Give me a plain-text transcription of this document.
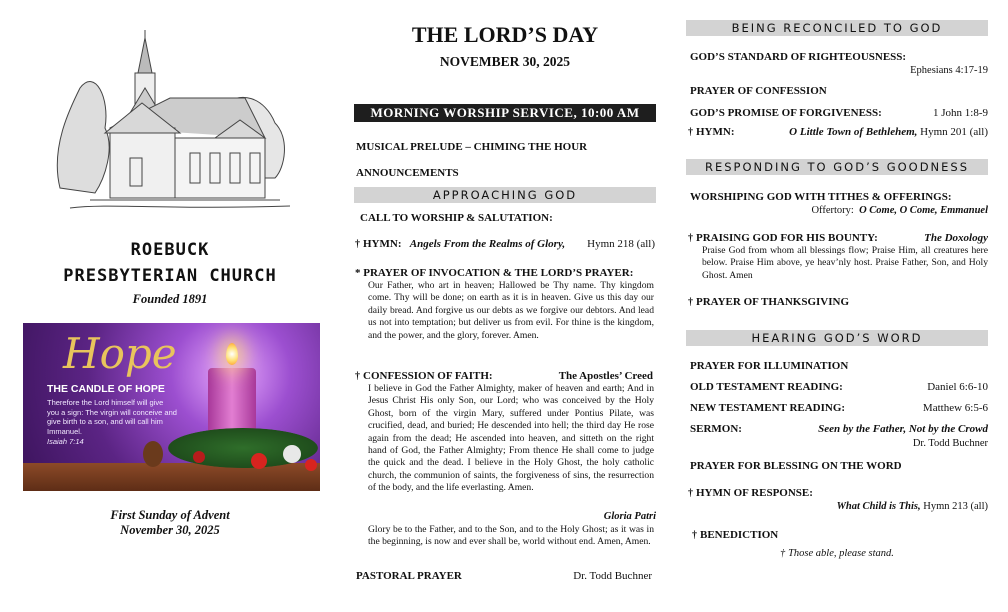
ROEBUCK
PRESBYTERIAN CHURCH
Founded 1891
Hope
THE CANDLE OF HOPE
Therefore the Lord himself will give you a sign: The virgin will conceive and give birth to a son, and will call him Immanuel.
Isaiah 7:14
First Sunday of Advent
November 30, 2025
THE LORD’S DAY
NOVEMBER 30, 2025
MORNING WORSHIP SERVICE, 10:00 AM
MUSICAL PRELUDE – CHIMING THE HOUR
ANNOUNCEMENTS
APPROACHING GOD
CALL TO WORSHIP & SALUTATION:
† HYMN: Angels From the Realms of Glory, Hymn 218 (all)
* PRAYER OF INVOCATION & THE LORD’S PRAYER:
Our Father, who art in heaven; Hallowed be Thy name. Thy kingdom come. Thy will be done; on earth as it is in heaven. Give us this day our daily bread. And forgive us our debts as we forgive our debtors. And lead us not into temptation; but deliver us from evil. For thine is the kingdom, and the power, and the glory, forever. Amen.
† CONFESSION OF FAITH:	The Apostles’ Creed
I believe in God the Father Almighty, maker of heaven and earth; And in Jesus Christ His only Son, our Lord; who was conceived by the Holy Ghost, born of the virgin Mary, suffered under Pontius Pilate, was crucified, dead, and buried; He descended into hell; the third day He rose again from the dead; He ascended into heaven, and sitteth on the right hand of God, the Father Almighty; From thence He shall come to judge the quick and the dead. I believe in the Holy Ghost, the holy catholic church, the communion of saints, the forgiveness of sins, the resurrection of the body, and the life everlasting. Amen.
Gloria Patri
Glory be to the Father, and to the Son, and to the Holy Ghost; as it was in the beginning, is now and ever shall be, world without end. Amen, Amen.
PASTORAL PRAYER	Dr. Todd Buchner
BEING RECONCILED TO GOD
GOD’S STANDARD OF RIGHTEOUSNESS:
Ephesians 4:17-19
PRAYER OF CONFESSION
GOD’S PROMISE OF FORGIVENESS:	1 John 1:8-9
† HYMN:	O Little Town of Bethlehem, Hymn 201 (all)
RESPONDING TO GOD’S GOODNESS
WORSHIPING GOD WITH TITHES & OFFERINGS:
Offertory: O Come, O Come, Emmanuel
† PRAISING GOD FOR HIS BOUNTY:	The Doxology
Praise God from whom all blessings flow; Praise Him, all creatures here below. Praise Him above, ye heav’nly host. Praise Father, Son, and Holy Ghost. Amen
† PRAYER OF THANKSGIVING
HEARING GOD’S WORD
PRAYER FOR ILLUMINATION
OLD TESTAMENT READING:	Daniel 6:6-10
NEW TESTAMENT READING:	Matthew 6:5-6
SERMON:	Seen by the Father, Not by the Crowd
Dr. Todd Buchner
PRAYER FOR BLESSING ON THE WORD
† HYMN OF RESPONSE:
What Child is This, Hymn 213 (all)
† BENEDICTION
† Those able, please stand.
